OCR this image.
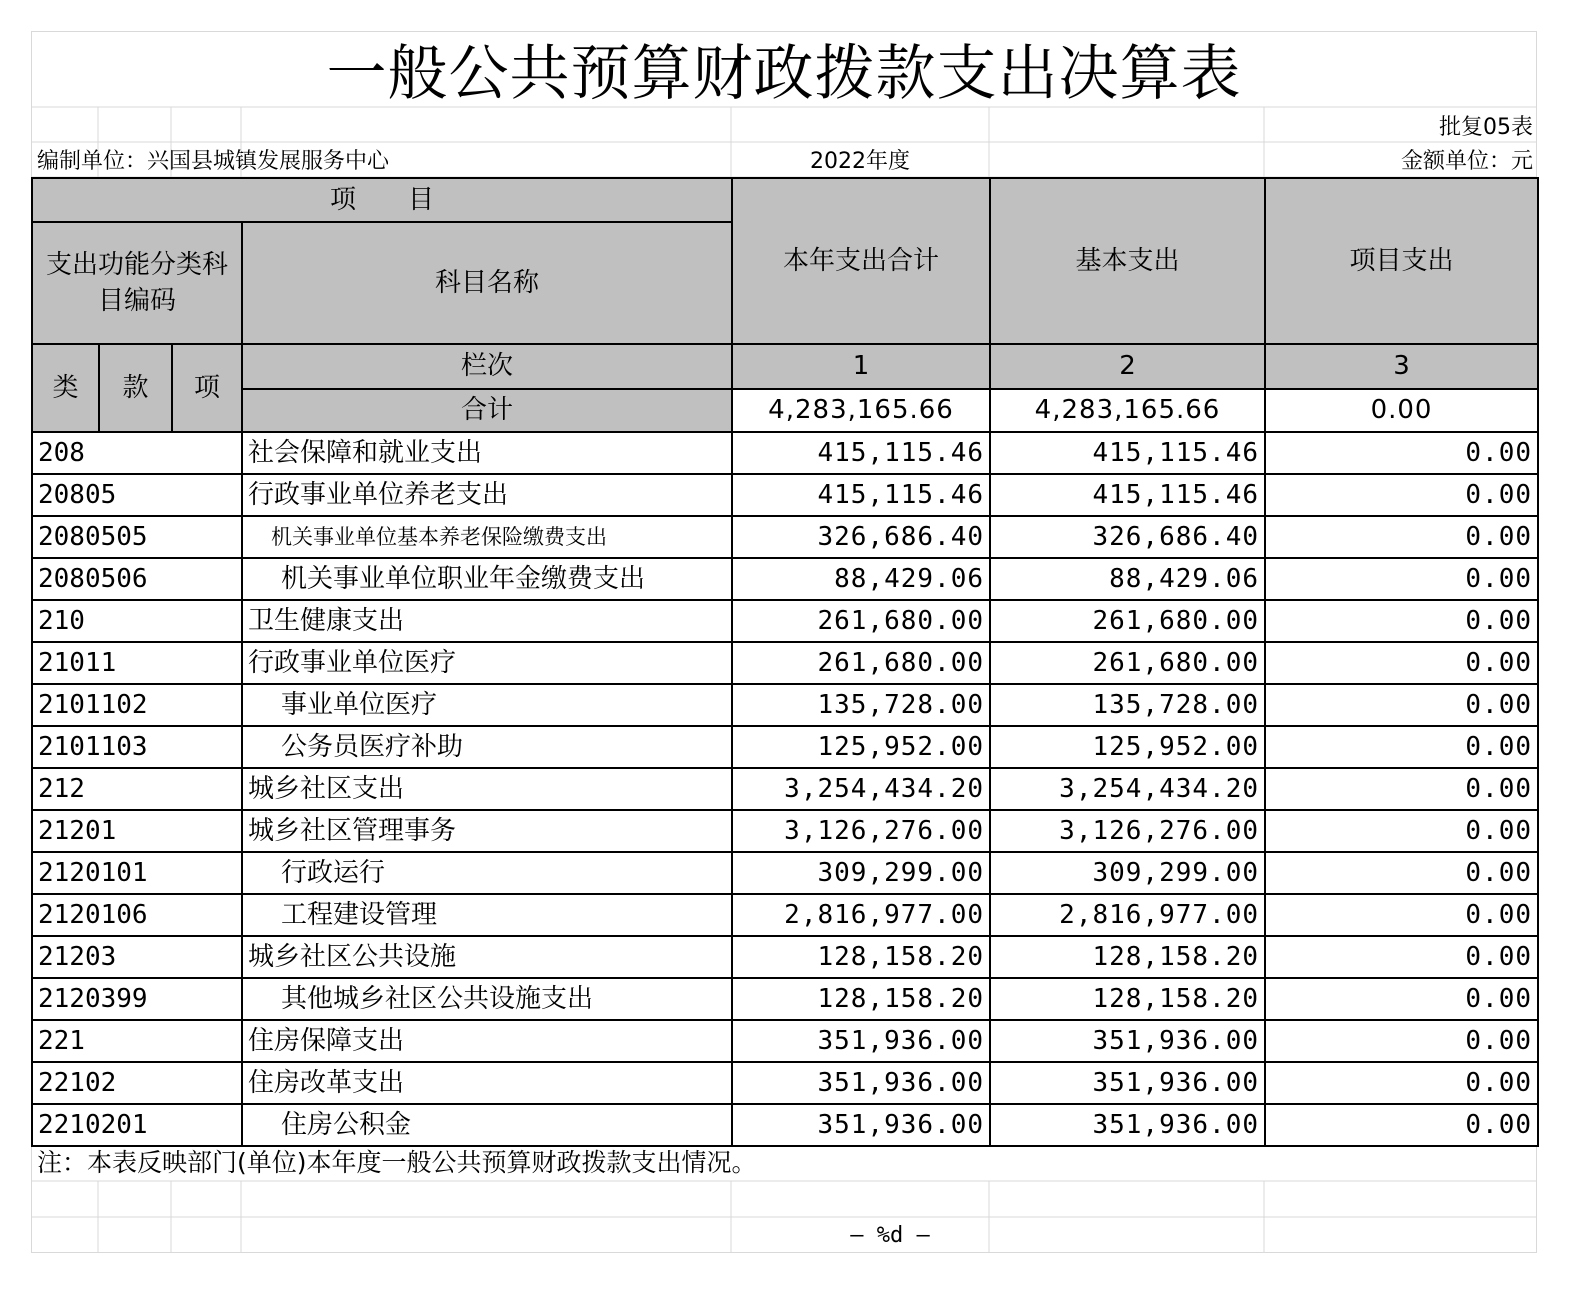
一般公共预算财政拨款支出决算表
批复05表
编制单位：兴国县城镇发展服务中心	2022年度	金额单位：元
项　　目				本年支出合计	基本支出	项目支出
支出功能分类科目编码			科目名称			

类	款	项	栏次	1	2	3
			合计	4,283,165.66	4,283,165.66	0.00
208			社会保障和就业支出	415,115.46	415,115.46	0.00
20805			行政事业单位养老支出	415,115.46	415,115.46	0.00
2080505			机关事业单位基本养老保险缴费支出	326,686.40	326,686.40	0.00
2080506			机关事业单位职业年金缴费支出	88,429.06	88,429.06	0.00
210			卫生健康支出	261,680.00	261,680.00	0.00
21011			行政事业单位医疗	261,680.00	261,680.00	0.00
2101102			事业单位医疗	135,728.00	135,728.00	0.00
2101103			公务员医疗补助	125,952.00	125,952.00	0.00
212			城乡社区支出	3,254,434.20	3,254,434.20	0.00
21201			城乡社区管理事务	3,126,276.00	3,126,276.00	0.00
2120101			行政运行	309,299.00	309,299.00	0.00
2120106			工程建设管理	2,816,977.00	2,816,977.00	0.00
21203			城乡社区公共设施	128,158.20	128,158.20	0.00
2120399			其他城乡社区公共设施支出	128,158.20	128,158.20	0.00
221			住房保障支出	351,936.00	351,936.00	0.00
22102			住房改革支出	351,936.00	351,936.00	0.00
2210201			住房公积金	351,936.00	351,936.00	0.00
注：本表反映部门(单位)本年度一般公共预算财政拨款支出情况。
— %d —
